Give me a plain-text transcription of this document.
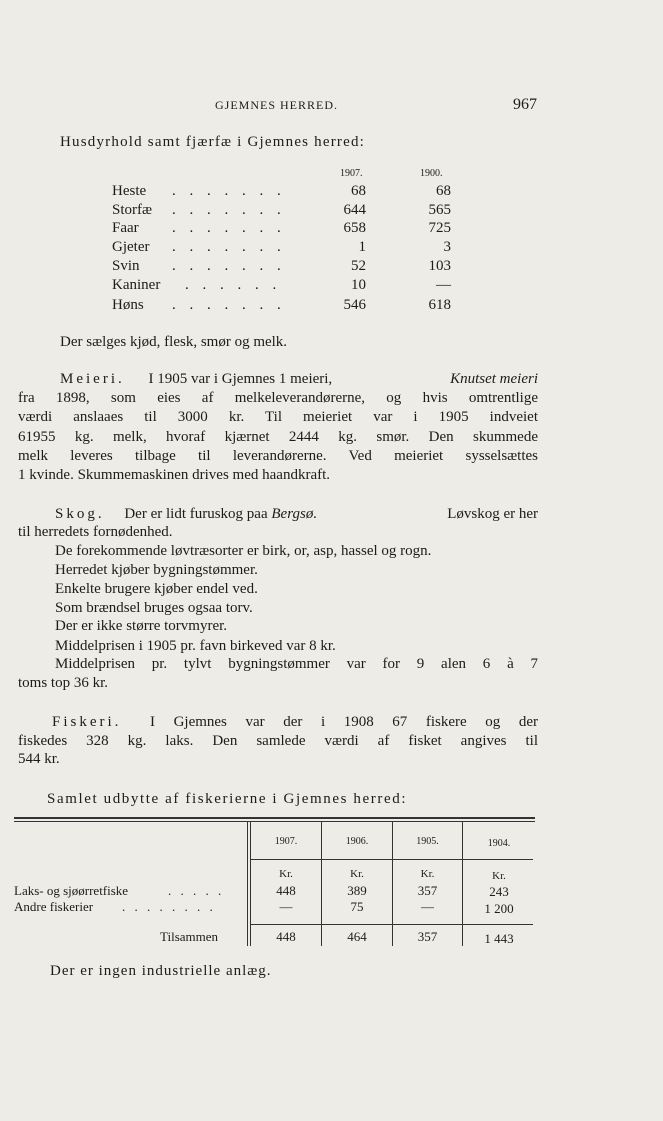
GJEMNES HERRED.	967
Husdyrhold samt fjærfæ i Gjemnes herred:
1907.	1900.
Heste . . . . . . .	68	68
Storfæ . . . . . . .	644	565
Faar . . . . . . .	658	725
Gjeter . . . . . . .	1	3
Svin . . . . . . .	52	103
Kaniner . . . . . .	10	—
Høns . . . . . . .	546	618
Der sælges kjød, flesk, smør og melk.
Meieri. I 1905 var i Gjemnes 1 meieri,	Knutset meieri
fra 1898, som eies af melkeleverandørerne, og hvis omtrentlige
værdi anslaaes til 3000 kr. Til meieriet var i 1905 indveiet
61955 kg. melk, hvoraf kjærnet 2444 kg. smør. Den skummede
melk leveres tilbage til leverandørerne. Ved meieriet sysselsættes
1 kvinde. Skummemaskinen drives med haandkraft.
Skog. Der er lidt furuskog paa Bergsø.	Løvskog er her
til herredets fornødenhed.
De forekommende løvtræsorter er birk, or, asp, hassel og rogn.
Herredet kjøber bygningstømmer.
Enkelte brugere kjøber endel ved.
Som brændsel bruges ogsaa torv.
Der er ikke større torvmyrer.
Middelprisen i 1905 pr. favn birkeved var 8 kr.
Middelprisen pr. tylvt bygningstømmer var for 9 alen 6 à 7
toms top 36 kr.
Fiskeri. I Gjemnes var der i 1908 67 fiskere og der
fiskedes 328 kg. laks. Den samlede værdi af fisket angives til
544 kr.
Samlet udbytte af fiskerierne i Gjemnes herred:
1907.	1906.	1905.	1904.
Kr.	Kr.	Kr.	Kr.
Laks- og sjøørretfiske	. . . . .	448	389	357	243
Andre fiskerier . . . . . . . .	—	75	—	1 200
Tilsammen	448	464	357	1 443
Der er ingen industrielle anlæg.
